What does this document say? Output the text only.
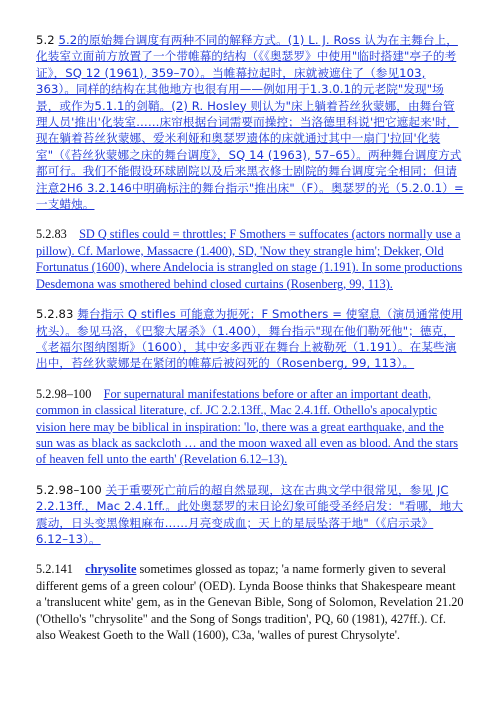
5.2 5.2的原始舞台调度有两种不同的解释方式。(1) L. J. Ross 认为在主舞台上，化装室立面前方放置了一个带帷幕的结构（《《奥瑟罗》中使用"临时搭建"亭子的考证》，SQ 12 (1961), 359–70）。当帷幕拉起时，床就被遮住了（参见103, 363）。同样的结构在其他地方也很有用——例如用于1.3.0.1的元老院"发现"场景，或作为5.1.1的剑鞘。(2) R. Hosley 则认为"床上躺着苔丝狄蒙娜，由舞台管理人员'推出'化装室……床帘根据台词需要而操控；当洛德里科说'把它遮起来'时，现在躺着苔丝狄蒙娜、爱米利娅和奥瑟罗遗体的床就通过其中一扇门'拉回'化装室"（《苔丝狄蒙娜之床的舞台调度》，SQ 14 (1963), 57–65）。两种舞台调度方式都可行。我们不能假设环球剧院以及后来黑衣修士剧院的舞台调度完全相同；但请注意2H6 3.2.146中明确标注的舞台指示"推出床"（F）。奥瑟罗的光（5.2.0.1）= 一支蜡烛。

5.2.83 SD Q stifles could = throttles; F Smothers = suffocates (actors normally use a pillow). Cf. Marlowe, Massacre (1.400), SD, 'Now they strangle him'; Dekker, Old Fortunatus (1600), where Andelocia is strangled on stage (1.191). In some productions Desdemona was smothered behind closed curtains (Rosenberg, 99, 113).

5.2.83 舞台指示 Q stifles 可能意为扼死；F Smothers = 使窒息（演员通常使用枕头）。参见马洛，《巴黎大屠杀》（1.400），舞台指示"现在他们勒死他"；德克，《老福尔图纳图斯》（1600），其中安多西亚在舞台上被勒死（1.191）。在某些演出中，苔丝狄蒙娜是在紧闭的帷幕后被闷死的（Rosenberg, 99, 113）。

5.2.98–100 For supernatural manifestations before or after an important death, common in classical literature, cf. JC 2.2.13ff., Mac 2.4.1ff. Othello's apocalyptic vision here may be biblical in inspiration: 'lo, there was a great earthquake, and the sun was as black as sackcloth … and the moon waxed all even as blood. And the stars of heaven fell unto the earth' (Revelation 6.12–13).

5.2.98–100 关于重要死亡前后的超自然显现，这在古典文学中很常见，参见 JC 2.2.13ff.，Mac 2.4.1ff.。此处奥瑟罗的末日论幻象可能受圣经启发："看哪，地大震动，日头变黑像粗麻布……月亮变成血；天上的星辰坠落于地"（《启示录》6.12–13）。

5.2.141 chrysolite sometimes glossed as topaz; 'a name formerly given to several different gems of a green colour' (OED). Lynda Boose thinks that Shakespeare meant a 'translucent white' gem, as in the Genevan Bible, Song of Solomon, Revelation 21.20 ('Othello's "chrysolite" and the Song of Songs tradition', PQ, 60 (1981), 427ff.). Cf. also Weakest Goeth to the Wall (1600), C3a, 'walles of purest Chrysolyte'.
